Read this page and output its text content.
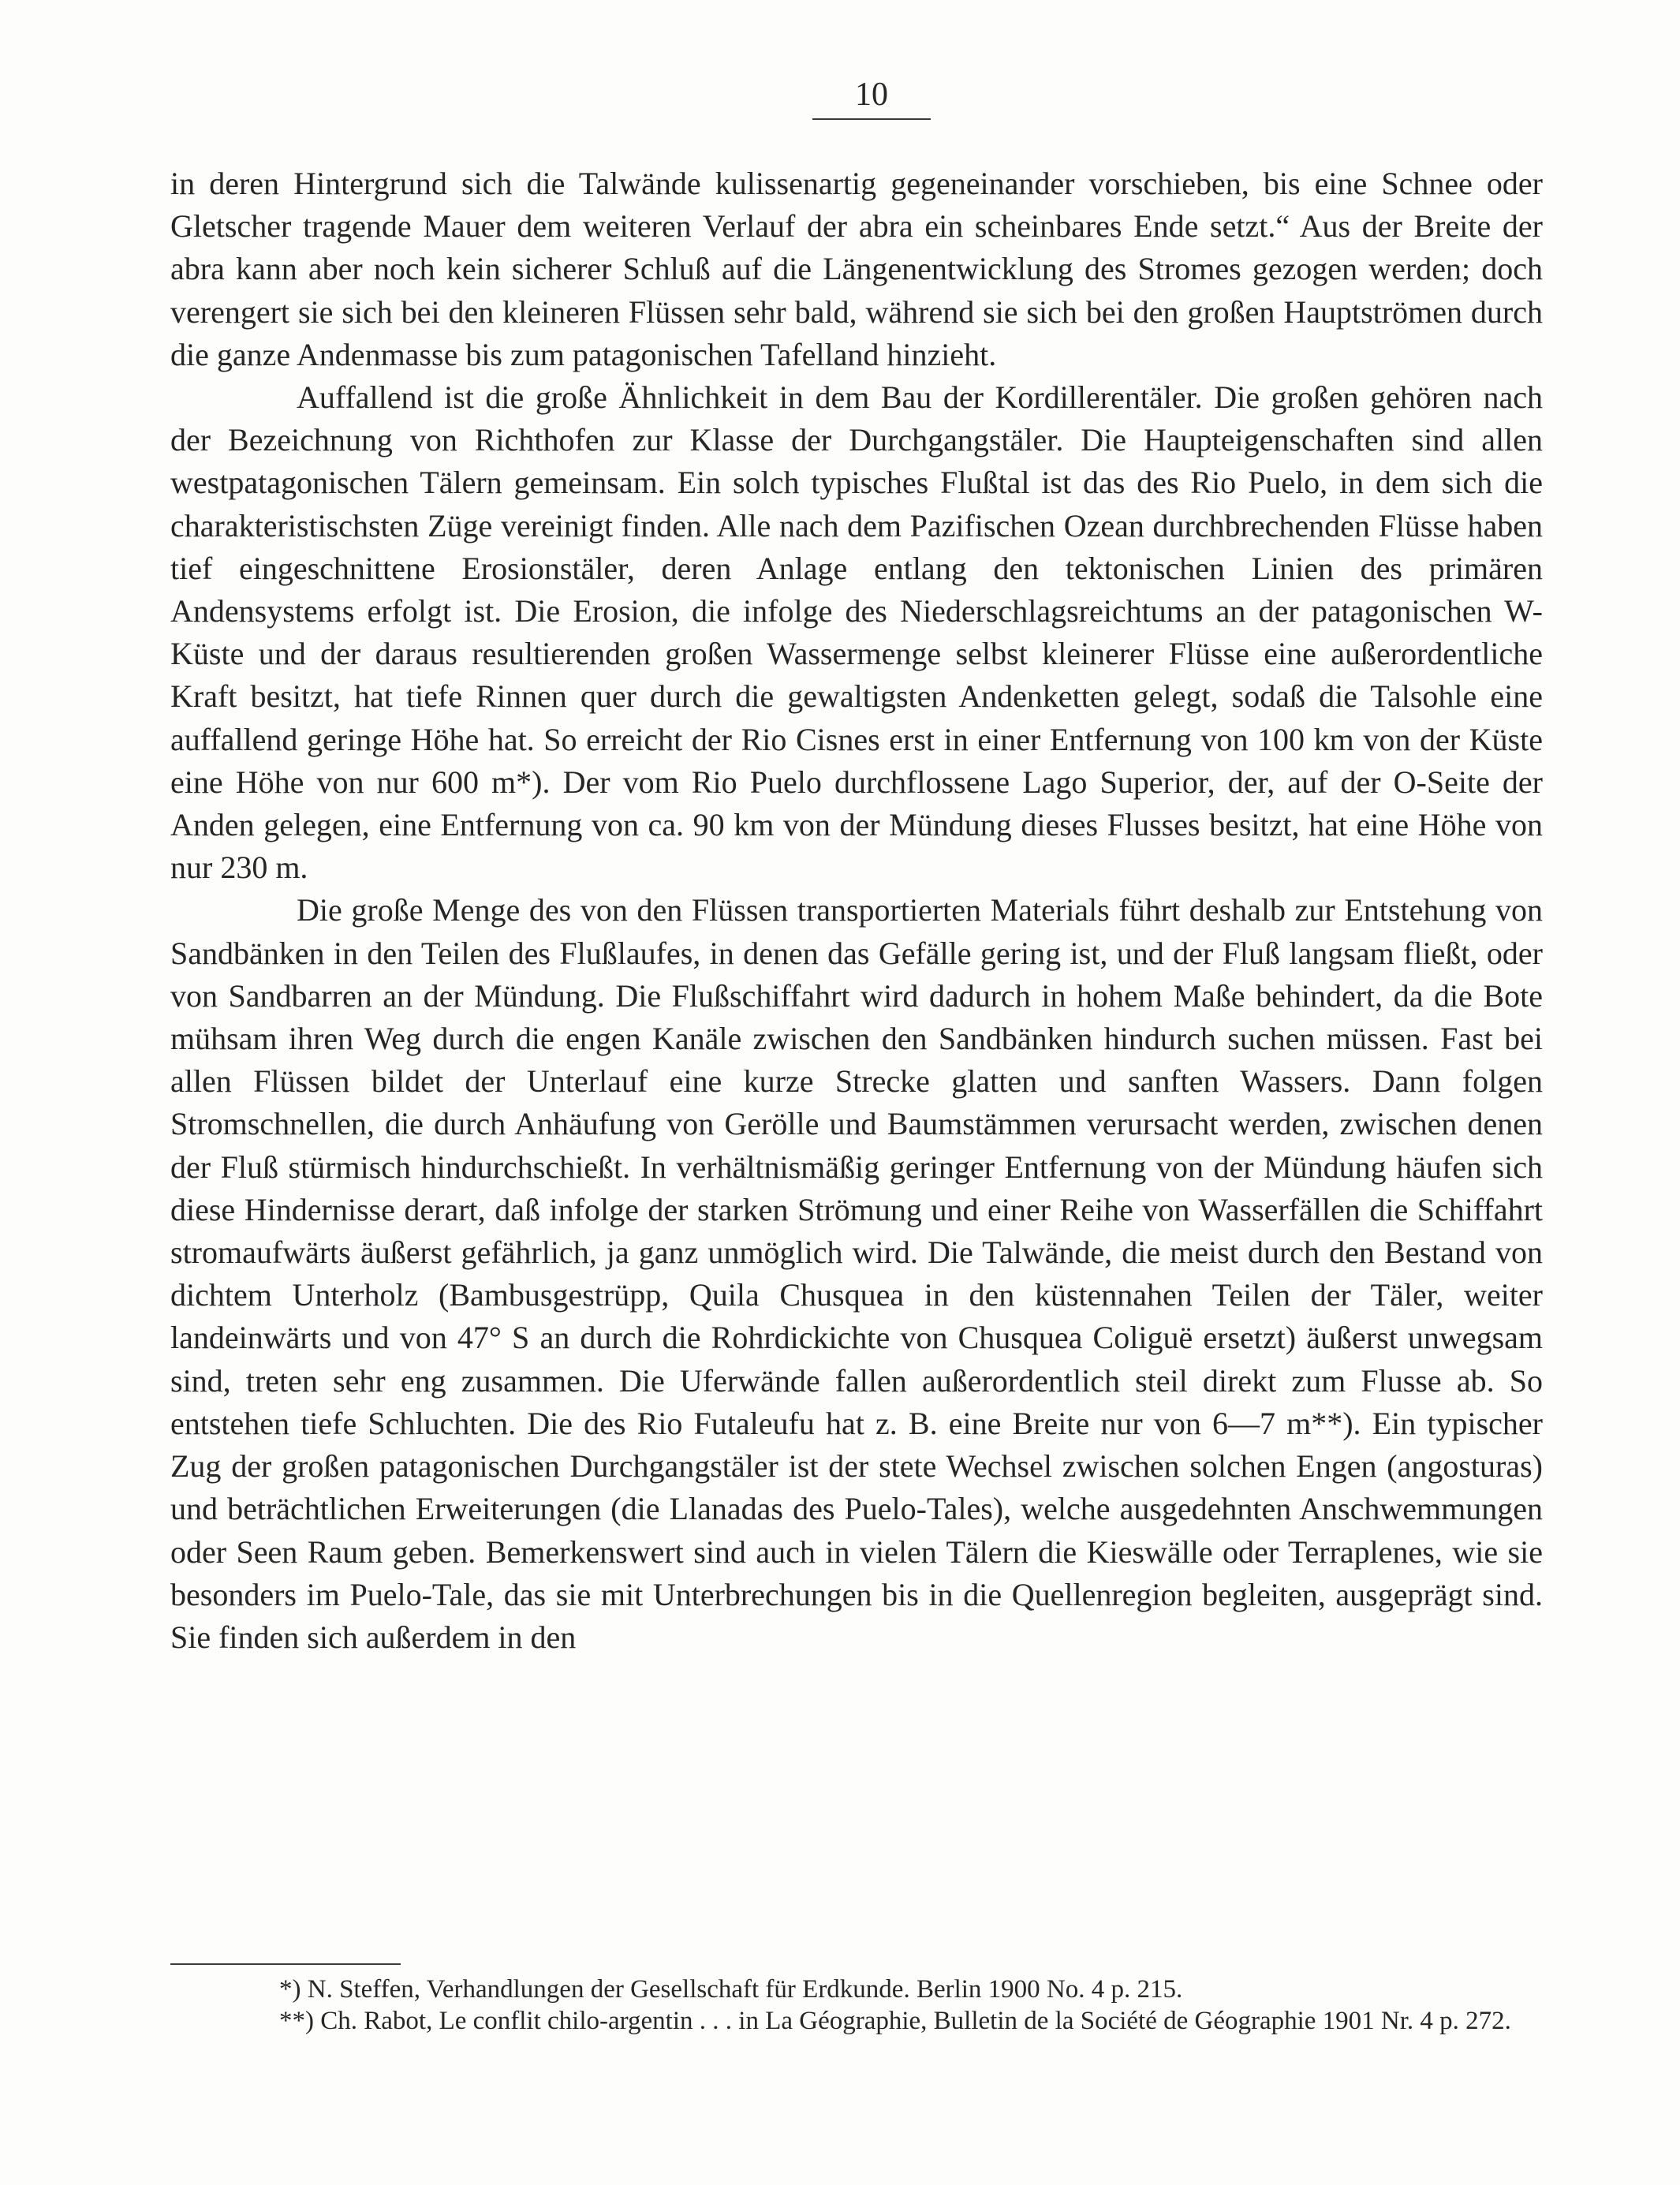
10

in deren Hintergrund sich die Talwände kulissenartig gegeneinander vorschieben, bis eine Schnee oder Gletscher tragende Mauer dem weiteren Verlauf der abra ein scheinbares Ende setzt.“ Aus der Breite der abra kann aber noch kein sicherer Schluß auf die Längenentwicklung des Stromes gezogen werden; doch verengert sie sich bei den kleineren Flüssen sehr bald, während sie sich bei den großen Hauptströmen durch die ganze Andenmasse bis zum patagonischen Tafelland hinzieht.

Auffallend ist die große Ähnlichkeit in dem Bau der Kordillerentäler. Die großen gehören nach der Bezeichnung von Richthofen zur Klasse der Durchgangstäler. Die Haupteigenschaften sind allen westpatagonischen Tälern gemeinsam. Ein solch typisches Flußtal ist das des Rio Puelo, in dem sich die charakteristischsten Züge vereinigt finden. Alle nach dem Pazifischen Ozean durchbrechenden Flüsse haben tief eingeschnittene Erosionstäler, deren Anlage entlang den tektonischen Linien des primären Andensystems erfolgt ist. Die Erosion, die infolge des Niederschlagsreichtums an der patagonischen W-Küste und der daraus resultierenden großen Wassermenge selbst kleinerer Flüsse eine außerordentliche Kraft besitzt, hat tiefe Rinnen quer durch die gewaltigsten Andenketten gelegt, sodaß die Talsohle eine auffallend geringe Höhe hat. So erreicht der Rio Cisnes erst in einer Entfernung von 100 km von der Küste eine Höhe von nur 600 m*). Der vom Rio Puelo durchflossene Lago Superior, der, auf der O-Seite der Anden gelegen, eine Entfernung von ca. 90 km von der Mündung dieses Flusses besitzt, hat eine Höhe von nur 230 m.

Die große Menge des von den Flüssen transportierten Materials führt deshalb zur Entstehung von Sandbänken in den Teilen des Flußlaufes, in denen das Gefälle gering ist, und der Fluß langsam fließt, oder von Sandbarren an der Mündung. Die Flußschiffahrt wird dadurch in hohem Maße behindert, da die Bote mühsam ihren Weg durch die engen Kanäle zwischen den Sandbänken hindurch suchen müssen. Fast bei allen Flüssen bildet der Unterlauf eine kurze Strecke glatten und sanften Wassers. Dann folgen Stromschnellen, die durch Anhäufung von Gerölle und Baumstämmen verursacht werden, zwischen denen der Fluß stürmisch hindurchschießt. In verhältnismäßig geringer Entfernung von der Mündung häufen sich diese Hindernisse derart, daß infolge der starken Strömung und einer Reihe von Wasserfällen die Schiffahrt stromaufwärts äußerst gefährlich, ja ganz unmöglich wird. Die Talwände, die meist durch den Bestand von dichtem Unterholz (Bambusgestrüpp, Quila Chusquea in den küstennahen Teilen der Täler, weiter landeinwärts und von 47° S an durch die Rohrdickichte von Chusquea Coliguë ersetzt) äußerst unwegsam sind, treten sehr eng zusammen. Die Uferwände fallen außerordentlich steil direkt zum Flusse ab. So entstehen tiefe Schluchten. Die des Rio Futaleufu hat z. B. eine Breite nur von 6—7 m**). Ein typischer Zug der großen patagonischen Durchgangstäler ist der stete Wechsel zwischen solchen Engen (angosturas) und beträchtlichen Erweiterungen (die Llanadas des Puelo-Tales), welche ausgedehnten Anschwemmungen oder Seen Raum geben. Bemerkenswert sind auch in vielen Tälern die Kieswälle oder Terraplenes, wie sie besonders im Puelo-Tale, das sie mit Unterbrechungen bis in die Quellenregion begleiten, ausgeprägt sind. Sie finden sich außerdem in den

*) N. Steffen, Verhandlungen der Gesellschaft für Erdkunde. Berlin 1900 No. 4 p. 215.

**) Ch. Rabot, Le conflit chilo-argentin . . . in La Géographie, Bulletin de la Société de Géographie 1901 Nr. 4 p. 272.
